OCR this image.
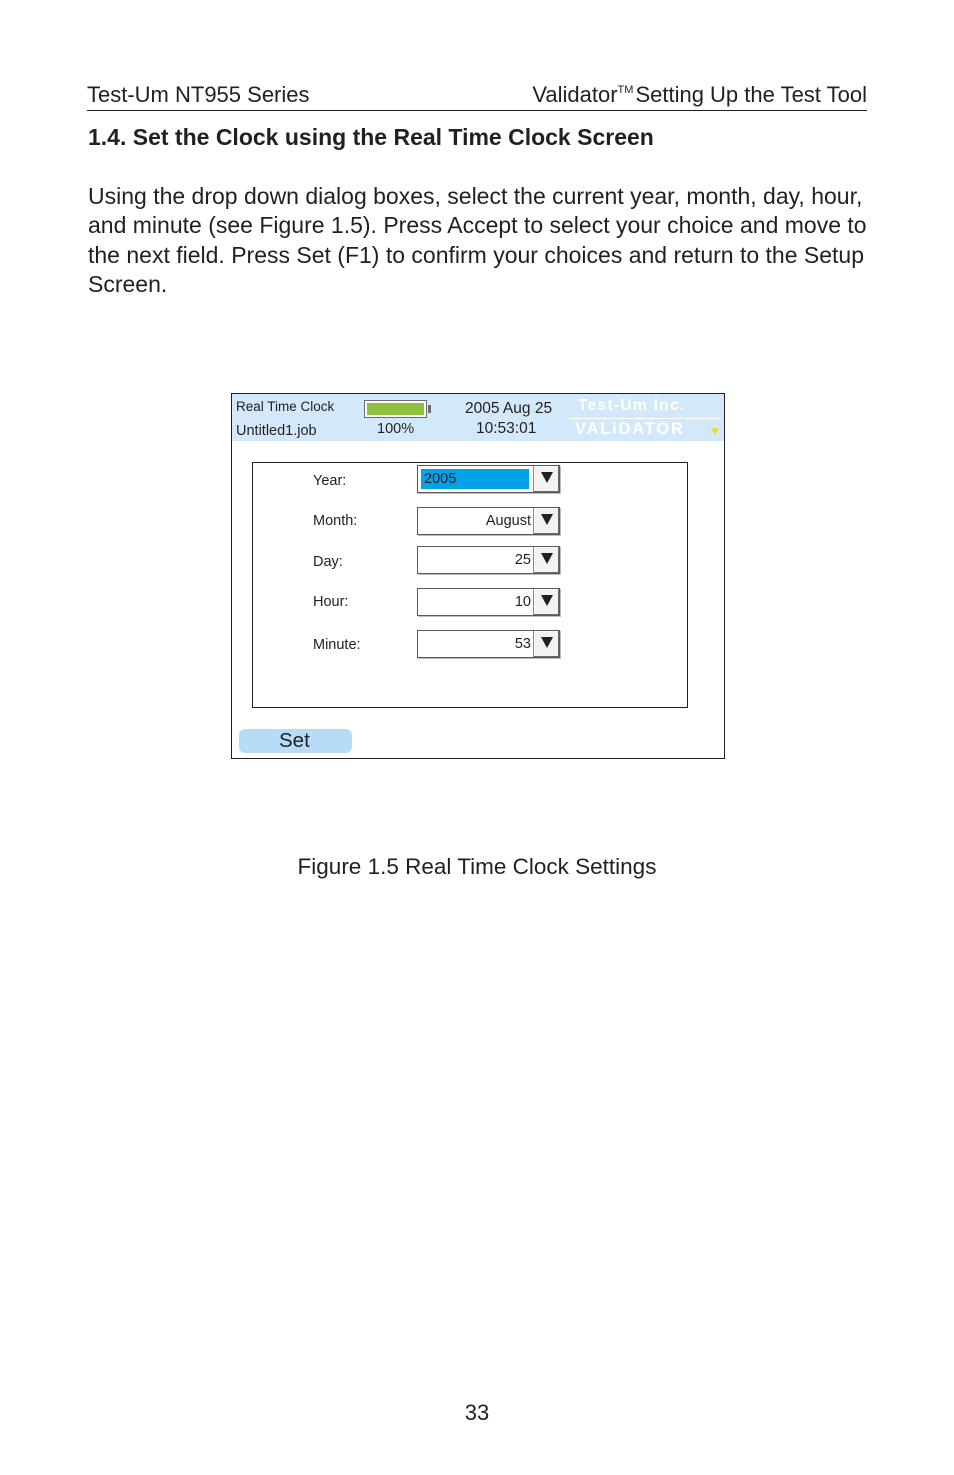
Test-Um NT955 Series	Validator™Setting Up the Test Tool
1.4. Set the Clock using the Real Time Clock Screen

Using the drop down dialog boxes, select the current year, month, day, hour, and minute (see Figure 1.5). Press Accept to select your choice and move to the next field. Press Set (F1) to confirm your choices and return to the Setup Screen.

Real Time Clock
Untitled1.job	100%
2005 Aug 25
10:53:01
Test-Um Inc.
VALiDATOR ▼
Year:	2005
Month:	August
Day:	25
Hour:	10
Minute:	53
Set
Figure 1.5 Real Time Clock Settings
33
